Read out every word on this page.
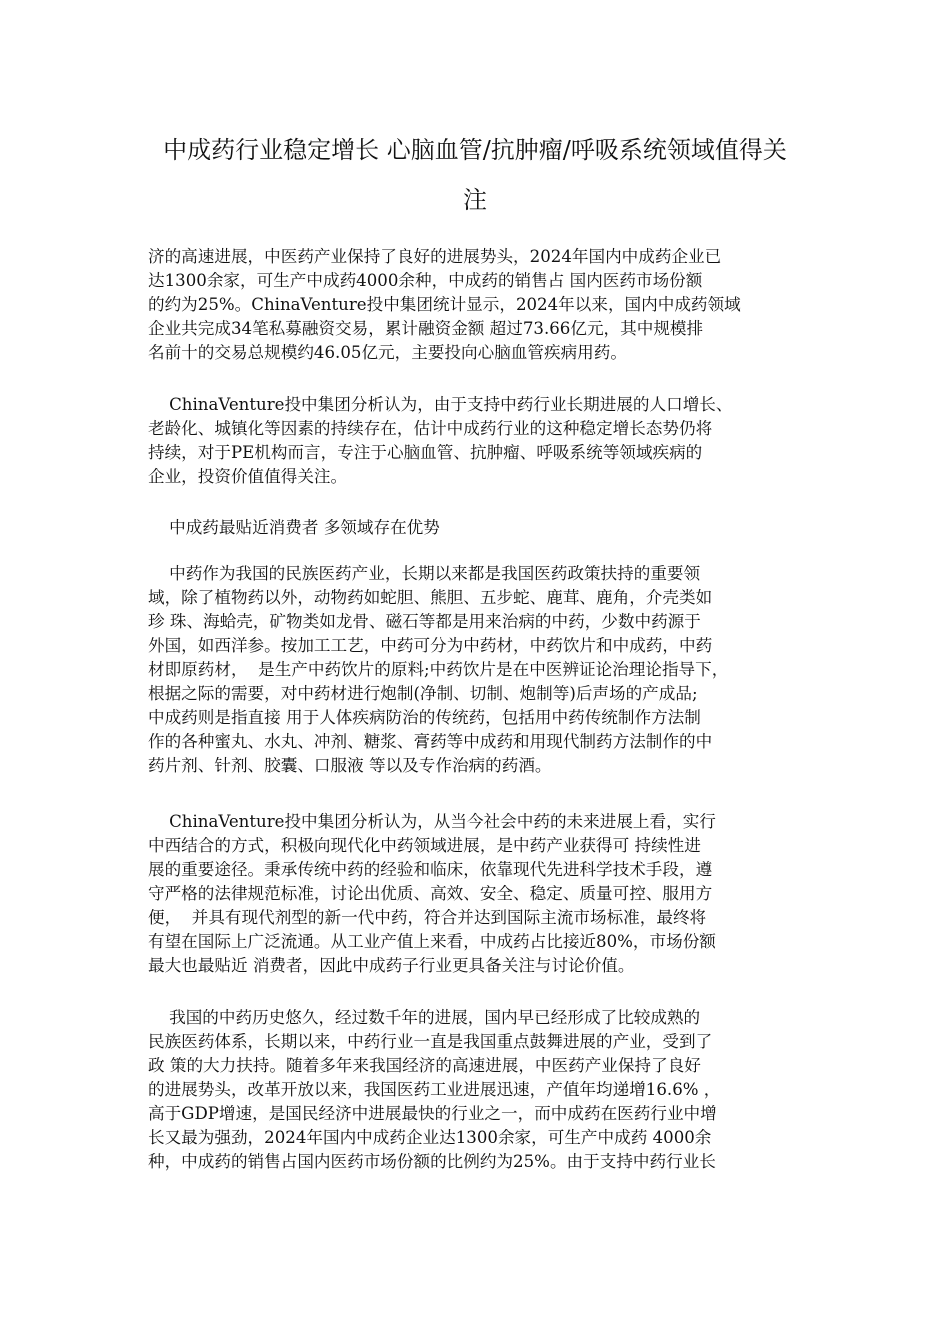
中成药行业稳定增长 心脑血管/抗肿瘤/呼吸系统领域值得关
注
济的高速进展，中医药产业保持了良好的进展势头，2024年国内中成药企业已
达1300余家，可生产中成药4000余种，中成药的销售占 国内医药市场份额
的约为25%。ChinaVenture投中集团统计显示，2024年以来，国内中成药领域
企业共完成34笔私募融资交易，累计融资金额 超过73.66亿元，其中规模排
名前十的交易总规模约46.05亿元，主要投向心脑血管疾病用药。
ChinaVenture投中集团分析认为，由于支持中药行业长期进展的人口增长、
老龄化、城镇化等因素的持续存在，估计中成药行业的这种稳定增长态势仍将
持续，对于PE机构而言，专注于心脑血管、抗肿瘤、呼吸系统等领域疾病的
企业，投资价值值得关注。
中成药最贴近消费者 多领域存在优势
中药作为我国的民族医药产业，长期以来都是我国医药政策扶持的重要领
域，除了植物药以外，动物药如蛇胆、熊胆、五步蛇、鹿茸、鹿角，介壳类如
珍 珠、海蛤壳，矿物类如龙骨、磁石等都是用来治病的中药，少数中药源于
外国，如西洋参。按加工工艺，中药可分为中药材，中药饮片和中成药，中药
材即原药材，  是生产中药饮片的原料;中药饮片是在中医辨证论治理论指导下，
根据之际的需要，对中药材进行炮制(净制、切制、炮制等)后声场的产成品;
中成药则是指直接 用于人体疾病防治的传统药，包括用中药传统制作方法制
作的各种蜜丸、水丸、冲剂、糖浆、膏药等中成药和用现代制药方法制作的中
药片剂、针剂、胶囊、口服液 等以及专作治病的药酒。
ChinaVenture投中集团分析认为，从当今社会中药的未来进展上看，实行
中西结合的方式，积极向现代化中药领域进展，是中药产业获得可 持续性进
展的重要途径。秉承传统中药的经验和临床，依靠现代先进科学技术手段，遵
守严格的法律规范标准，讨论出优质、高效、安全、稳定、质量可控、服用方
便，  并具有现代剂型的新一代中药，符合并达到国际主流市场标准，最终将
有望在国际上广泛流通。从工业产值上来看，中成药占比接近80%，市场份额
最大也最贴近 消费者，因此中成药子行业更具备关注与讨论价值。
我国的中药历史悠久，经过数千年的进展，国内早已经形成了比较成熟的
民族医药体系，长期以来，中药行业一直是我国重点鼓舞进展的产业，受到了
政 策的大力扶持。随着多年来我国经济的高速进展，中医药产业保持了良好
的进展势头，改革开放以来，我国医药工业进展迅速，产值年均递增16.6% ，
高于GDP增速，是国民经济中进展最快的行业之一，而中成药在医药行业中增
长又最为强劲，2024年国内中成药企业达1300余家，可生产中成药 4000余
种，中成药的销售占国内医药市场份额的比例约为25%。由于支持中药行业长
